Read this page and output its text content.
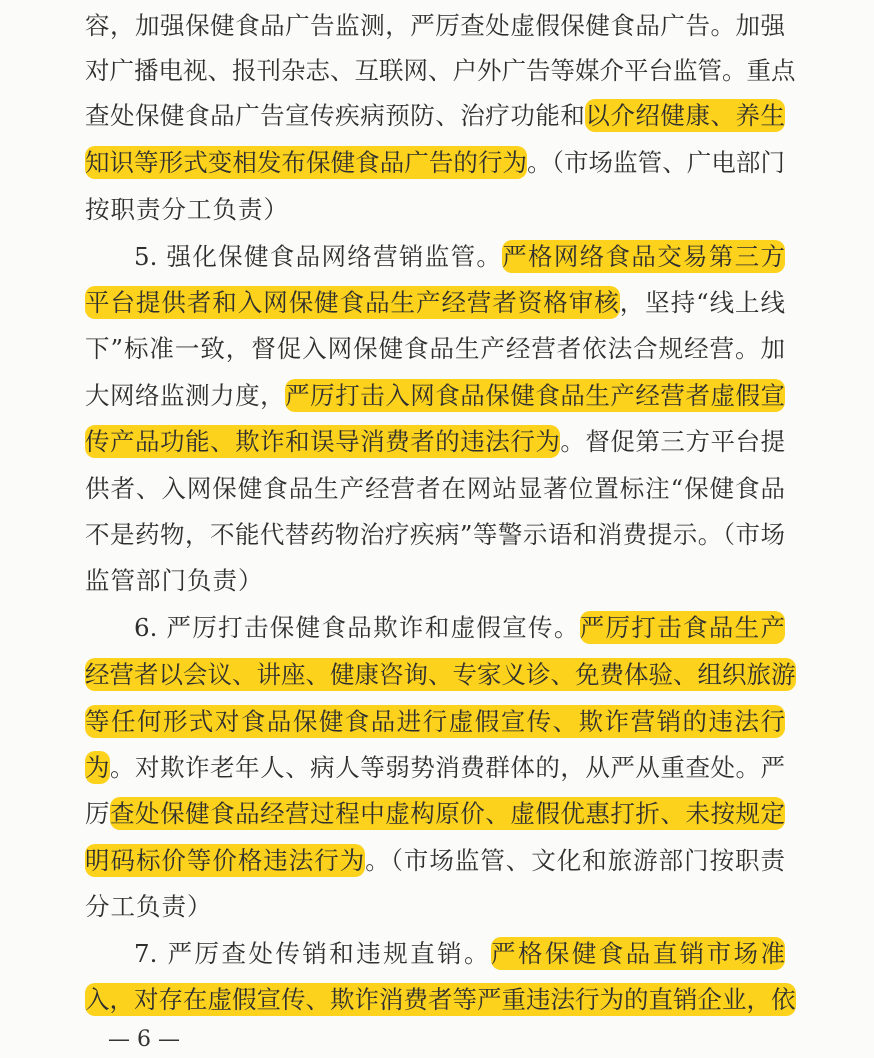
容，加强保健食品广告监测，严厉查处虚假保健食品广告。加强
对广播电视、报刊杂志、互联网、户外广告等媒介平台监管。重点
查处保健食品广告宣传疾病预防、治疗功能和以介绍健康、养生
知识等形式变相发布保健食品广告的行为。（市场监管、广电部门
按职责分工负责）
5. 强化保健食品网络营销监管。严格网络食品交易第三方
平台提供者和入网保健食品生产经营者资格审核，坚持“线上线
下”标准一致，督促入网保健食品生产经营者依法合规经营。加
大网络监测力度，严厉打击入网食品保健食品生产经营者虚假宣
传产品功能、欺诈和误导消费者的违法行为。督促第三方平台提
供者、入网保健食品生产经营者在网站显著位置标注“保健食品
不是药物，不能代替药物治疗疾病”等警示语和消费提示。（市场
监管部门负责）
6. 严厉打击保健食品欺诈和虚假宣传。严厉打击食品生产
经营者以会议、讲座、健康咨询、专家义诊、免费体验、组织旅游
等任何形式对食品保健食品进行虚假宣传、欺诈营销的违法行
为。对欺诈老年人、病人等弱势消费群体的，从严从重查处。严
厉查处保健食品经营过程中虚构原价、虚假优惠打折、未按规定
明码标价等价格违法行为。（市场监管、文化和旅游部门按职责
分工负责）
7. 严厉查处传销和违规直销。严格保健食品直销市场准
入，对存在虚假宣传、欺诈消费者等严重违法行为的直销企业，依
— 6 —
